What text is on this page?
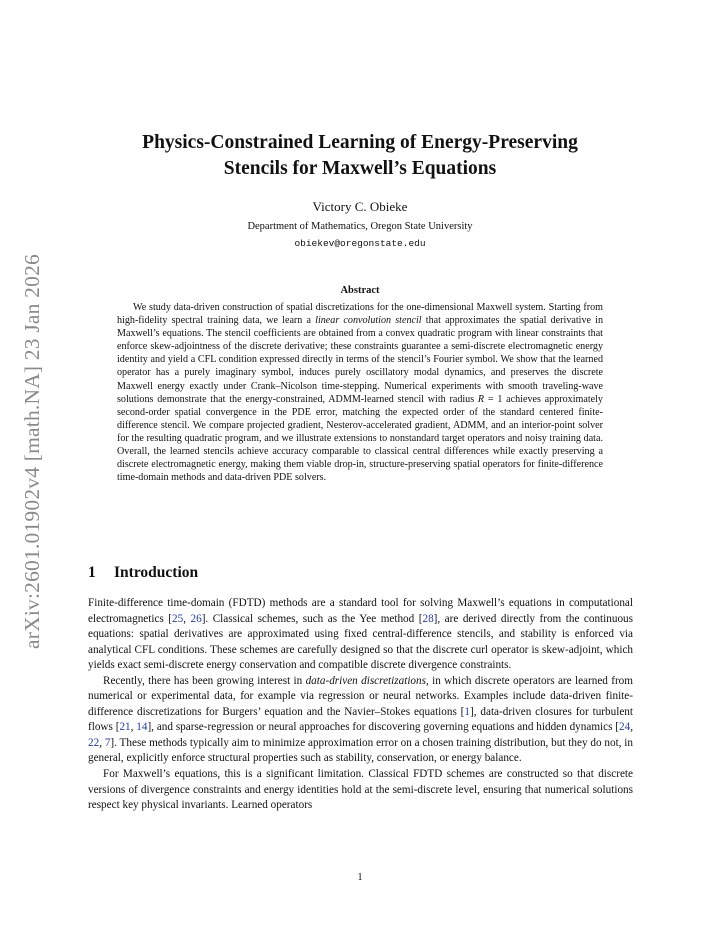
arXiv:2601.01902v4 [math.NA] 23 Jan 2026
Physics-Constrained Learning of Energy-Preserving
Stencils for Maxwell’s Equations
Victory C. Obieke
Department of Mathematics, Oregon State University
obiekev@oregonstate.edu
Abstract

We study data-driven construction of spatial discretizations for the one-dimensional Maxwell system. Starting from high-fidelity spectral training data, we learn a linear convolution stencil that approximates the spatial derivative in Maxwell’s equations. The stencil coefficients are obtained from a convex quadratic program with linear constraints that enforce skew-adjointness of the discrete derivative; these constraints guarantee a semi-discrete electromagnetic energy identity and yield a CFL condition expressed directly in terms of the stencil’s Fourier symbol. We show that the learned operator has a purely imaginary symbol, induces purely oscillatory modal dynamics, and preserves the discrete Maxwell energy exactly under Crank–Nicolson time-stepping. Numerical experiments with smooth traveling-wave solutions demonstrate that the energy-constrained, ADMM-learned stencil with radius R = 1 achieves approximately second-order spatial convergence in the PDE error, matching the expected order of the standard centered finite-difference stencil. We compare projected gradient, Nesterov-accelerated gradient, ADMM, and an interior-point solver for the resulting quadratic program, and we illustrate extensions to nonstandard target operators and noisy training data. Overall, the learned stencils achieve accuracy comparable to classical central differences while exactly preserving a discrete electromagnetic energy, making them viable drop-in, structure-preserving spatial operators for finite-difference time-domain methods and data-driven PDE solvers.

1 Introduction

Finite-difference time-domain (FDTD) methods are a standard tool for solving Maxwell’s equations in computational electromagnetics [25, 26]. Classical schemes, such as the Yee method [28], are derived directly from the continuous equations: spatial derivatives are approximated using fixed central-difference stencils, and stability is enforced via analytical CFL conditions. These schemes are carefully designed so that the discrete curl operator is skew-adjoint, which yields exact semi-discrete energy conservation and compatible discrete divergence constraints.

Recently, there has been growing interest in data-driven discretizations, in which discrete operators are learned from numerical or experimental data, for example via regression or neural networks. Examples include data-driven finite-difference discretizations for Burgers’ equation and the Navier–Stokes equations [1], data-driven closures for turbulent flows [21, 14], and sparse-regression or neural approaches for discovering governing equations and hidden dynamics [24, 22, 7]. These methods typically aim to minimize approximation error on a chosen training distribution, but they do not, in general, explicitly enforce structural properties such as stability, conservation, or energy balance.

For Maxwell’s equations, this is a significant limitation. Classical FDTD schemes are constructed so that discrete versions of divergence constraints and energy identities hold at the semi-discrete level, ensuring that numerical solutions respect key physical invariants. Learned operators

1
